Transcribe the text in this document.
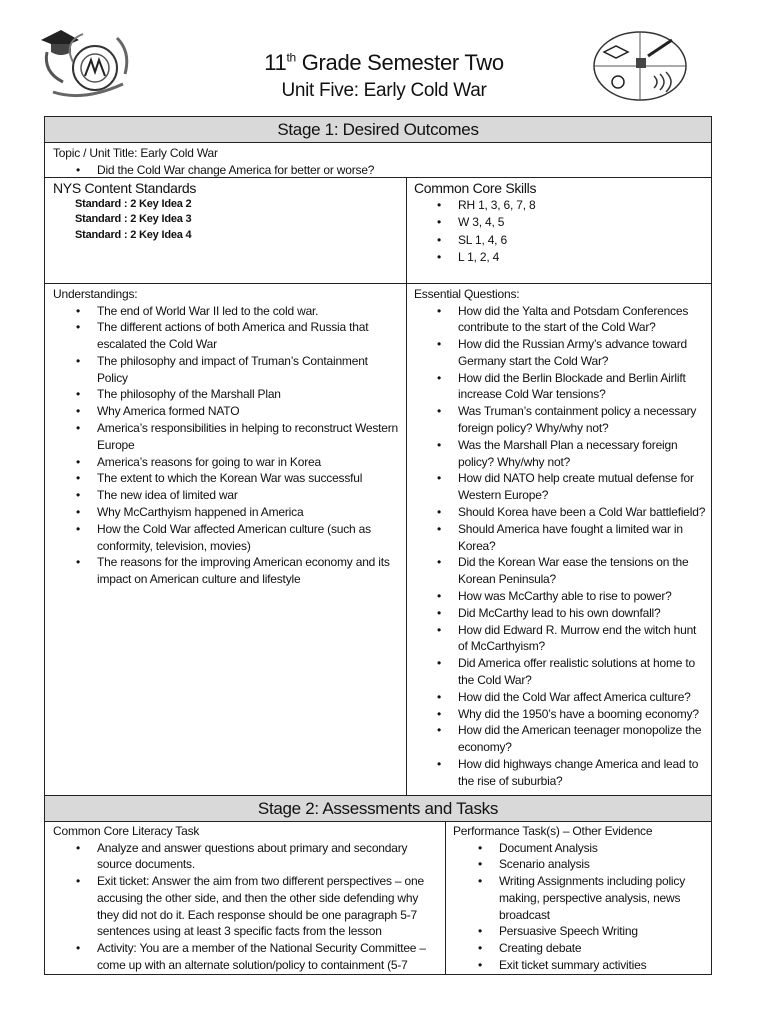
11th Grade Semester Two
Unit Five: Early Cold War
Stage 1: Desired Outcomes
Topic / Unit Title: Early Cold War
• Did the Cold War change America for better or worse?
NYS Content Standards
Standard : 2 Key Idea 2
Standard : 2 Key Idea 3
Standard : 2 Key Idea 4
Common Core Skills
• RH 1, 3, 6, 7, 8
• W 3, 4, 5
• SL 1, 4, 6
• L 1, 2, 4
Understandings:
• The end of World War II led to the cold war.
• The different actions of both America and Russia that escalated the Cold War
• The philosophy and impact of Truman’s Containment Policy
• The philosophy of the Marshall Plan
• Why America formed NATO
• America’s responsibilities in helping to reconstruct Western Europe
• America’s reasons for going to war in Korea
• The extent to which the Korean War was successful
• The new idea of limited war
• Why McCarthyism happened in America
• How the Cold War affected American culture (such as conformity, television, movies)
• The reasons for the improving American economy and its impact on American culture and lifestyle
Essential Questions:
• How did the Yalta and Potsdam Conferences contribute to the start of the Cold War?
• How did the Russian Army’s advance toward Germany start the Cold War?
• How did the Berlin Blockade and Berlin Airlift increase Cold War tensions?
• Was Truman’s containment policy a necessary foreign policy? Why/why not?
• Was the Marshall Plan a necessary foreign policy? Why/why not?
• How did NATO help create mutual defense for Western Europe?
• Should Korea have been a Cold War battlefield?
• Should America have fought a limited war in Korea?
• Did the Korean War ease the tensions on the Korean Peninsula?
• How was McCarthy able to rise to power?
• Did McCarthy lead to his own downfall?
• How did Edward R. Murrow end the witch hunt of McCarthyism?
• Did America offer realistic solutions at home to the Cold War?
• How did the Cold War affect America culture?
• Why did the 1950’s have a booming economy?
• How did the American teenager monopolize the economy?
• How did highways change America and lead to the rise of suburbia?
Stage 2: Assessments and Tasks
Common Core Literacy Task
• Analyze and answer questions about primary and secondary source documents.
• Exit ticket: Answer the aim from two different perspectives – one accusing the other side, and then the other side defending why they did not do it. Each response should be one paragraph 5-7 sentences using at least 3 specific facts from the lesson
• Activity: You are a member of the National Security Committee – come up with an alternate solution/policy to containment (5-7
Performance Task(s) – Other Evidence
• Document Analysis
• Scenario analysis
• Writing Assignments including policy making, perspective analysis, news broadcast
• Persuasive Speech Writing
• Creating debate
• Exit ticket summary activities
